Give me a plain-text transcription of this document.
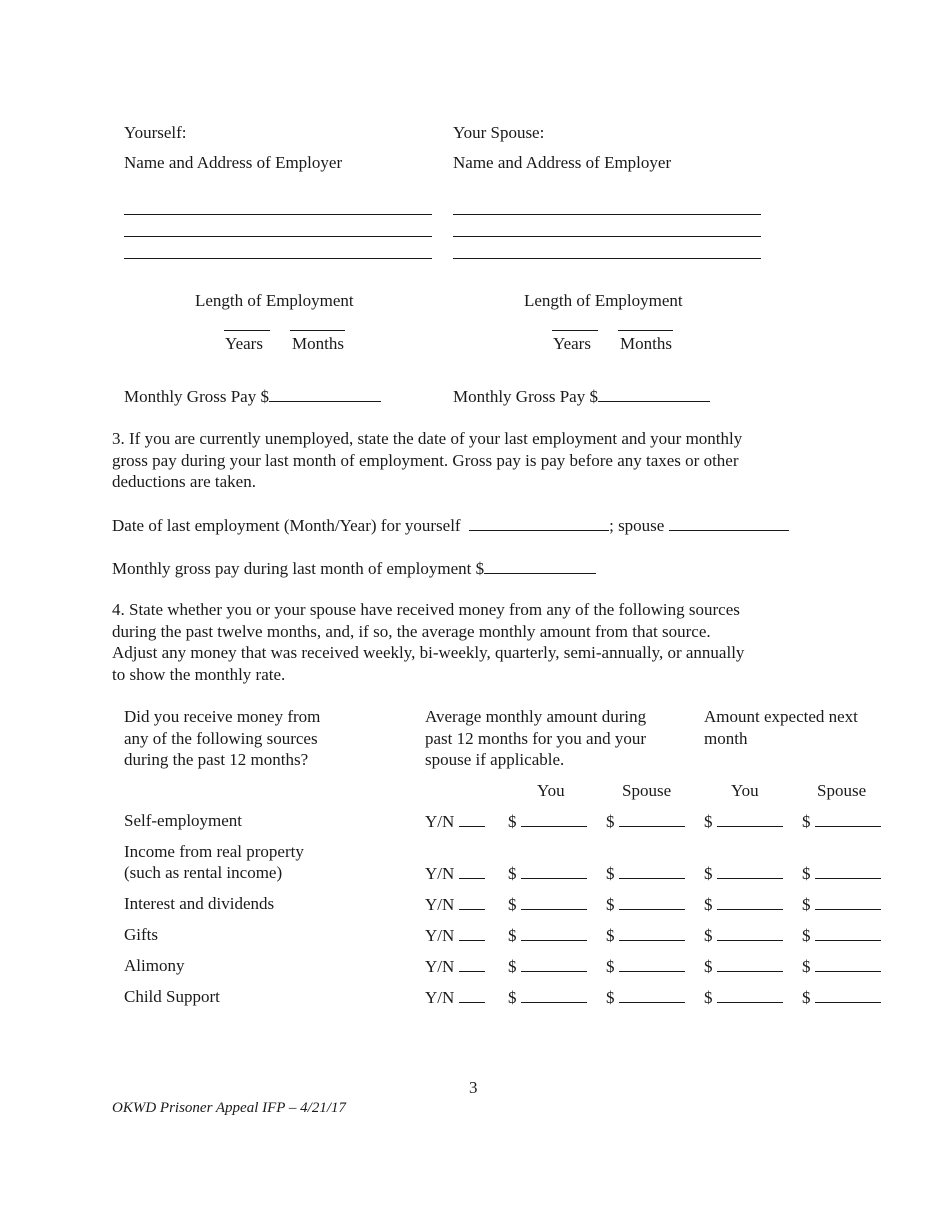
Yourself:	Your Spouse:
Name and Address of Employer	Name and Address of Employer
Length of Employment	Length of Employment
Years Months	Years Months
Monthly Gross Pay $	Monthly Gross Pay $
3. If you are currently unemployed, state the date of your last employment and your monthly
gross pay during your last month of employment. Gross pay is pay before any taxes or other
deductions are taken.
Date of last employment (Month/Year) for yourself	; spouse
Monthly gross pay during last month of employment $
4. State whether you or your spouse have received money from any of the following sources
during the past twelve months, and, if so, the average monthly amount from that source.
Adjust any money that was received weekly, bi-weekly, quarterly, semi-annually, or annually
to show the monthly rate.
Did you receive money from
any of the following sources
during the past 12 months?
Average monthly amount during
past 12 months for you and your
spouse if applicable.
Amount expected next
month
You	Spouse	You	Spouse
Self-employment	Y/N	$	$	$	$
Income from real property
(such as rental income)	Y/N	$	$	$	$
Interest and dividends	Y/N	$	$	$	$
Gifts	Y/N	$	$	$	$
Alimony	Y/N	$	$	$	$
Child Support	Y/N	$	$	$	$
3
OKWD Prisoner Appeal IFP – 4/21/17
